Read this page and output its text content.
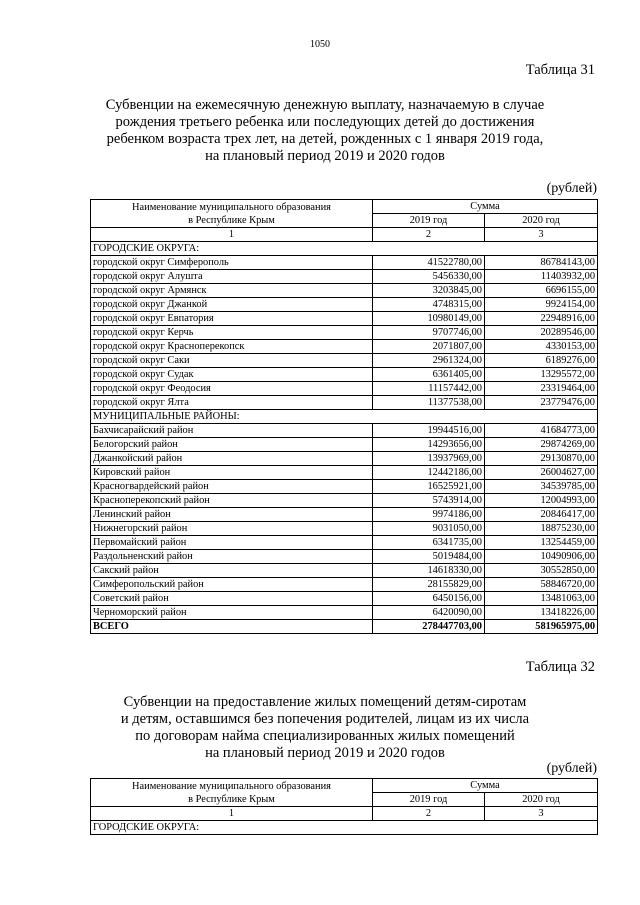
1050
Таблица 31
Субвенции на ежемесячную денежную выплату, назначаемую в случае
рождения третьего ребенка или последующих детей до достижения
ребенком возраста трех лет, на детей, рожденных с 1 января 2019 года,
на плановый период 2019 и 2020 годов
(рублей)
Наименование муниципального образования
в Республике Крым	Сумма	
	2019 год	2020 год
1	2	3
ГОРОДСКИЕ ОКРУГА:		
городской округ Симферополь	41522780,00	86784143,00
городской округ Алушта	5456330,00	11403932,00
городской округ Армянск	3203845,00	6696155,00
городской округ Джанкой	4748315,00	9924154,00
городской округ Евпатория	10980149,00	22948916,00
городской округ Керчь	9707746,00	20289546,00
городской округ Красноперекопск	2071807,00	4330153,00
городской округ Саки	2961324,00	6189276,00
городской округ Судак	6361405,00	13295572,00
городской округ Феодосия	11157442,00	23319464,00
городской округ Ялта	11377538,00	23779476,00
МУНИЦИПАЛЬНЫЕ РАЙОНЫ:		
Бахчисарайский район	19944516,00	41684773,00
Белогорский район	14293656,00	29874269,00
Джанкойский район	13937969,00	29130870,00
Кировский район	12442186,00	26004627,00
Красногвардейский район	16525921,00	34539785,00
Красноперекопский район	5743914,00	12004993,00
Ленинский район	9974186,00	20846417,00
Нижнегорский район	9031050,00	18875230,00
Первомайский район	6341735,00	13254459,00
Раздольненский район	5019484,00	10490906,00
Сакский район	14618330,00	30552850,00
Симферопольский район	28155829,00	58846720,00
Советский район	6450156,00	13481063,00
Черноморский район	6420090,00	13418226,00
ВСЕГО	278447703,00	581965975,00
Таблица 32
Субвенции на предоставление жилых помещений детям-сиротам
и детям, оставшимся без попечения родителей, лицам из их числа
по договорам найма специализированных жилых помещений
на плановый период 2019 и 2020 годов
(рублей)
Наименование муниципального образования
в Республике Крым	Сумма	
	2019 год	2020 год
1	2	3
ГОРОДСКИЕ ОКРУГА:		
